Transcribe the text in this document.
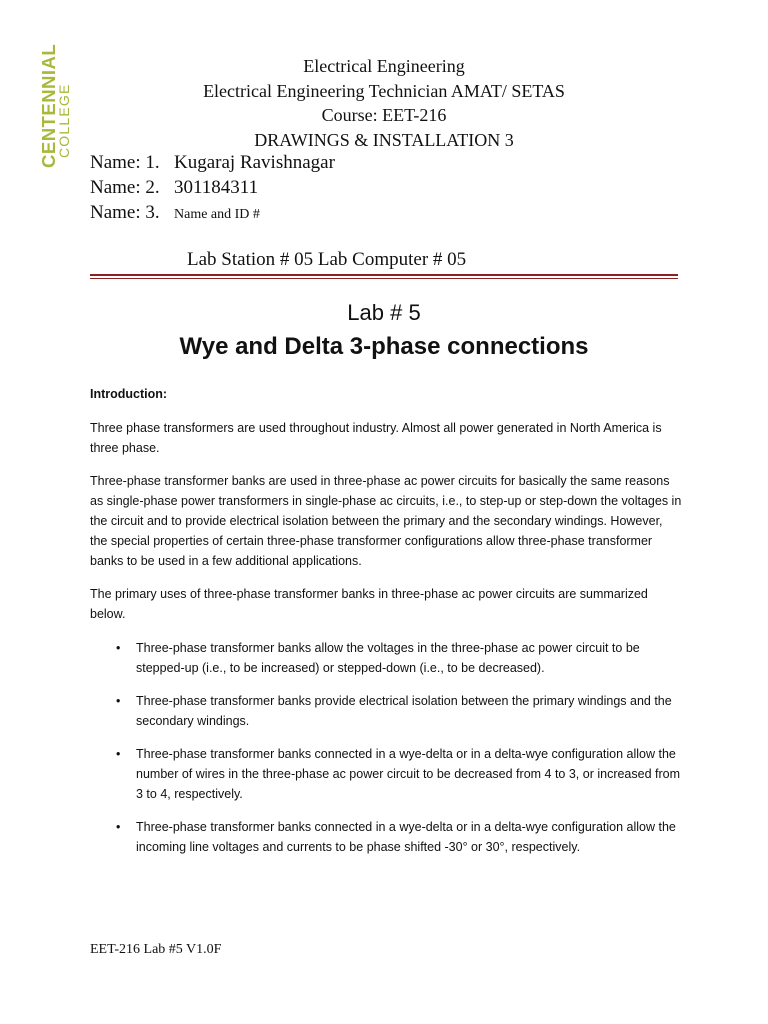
CENTENNIAL
COLLEGE
Electrical Engineering
Electrical Engineering Technician AMAT/ SETAS
Course: EET-216
DRAWINGS & INSTALLATION 3
Name: 1. Kugaraj Ravishnagar
Name: 2. 301184311
Name: 3. Name and ID #
Lab Station # 05 Lab Computer # 05
Lab # 5
Wye and Delta 3-phase connections
Introduction:
Three phase transformers are used throughout industry. Almost all power generated in North America is three phase.
Three-phase transformer banks are used in three-phase ac power circuits for basically the same reasons as single-phase power transformers in single-phase ac circuits, i.e., to step-up or step-down the voltages in the circuit and to provide electrical isolation between the primary and the secondary windings. However, the special properties of certain three-phase transformer configurations allow three-phase transformer banks to be used in a few additional applications.
The primary uses of three-phase transformer banks in three-phase ac power circuits are summarized below.
• Three-phase transformer banks allow the voltages in the three-phase ac power circuit to be stepped-up (i.e., to be increased) or stepped-down (i.e., to be decreased).
• Three-phase transformer banks provide electrical isolation between the primary windings and the secondary windings.
• Three-phase transformer banks connected in a wye-delta or in a delta-wye configuration allow the number of wires in the three-phase ac power circuit to be decreased from 4 to 3, or increased from 3 to 4, respectively.
• Three-phase transformer banks connected in a wye-delta or in a delta-wye configuration allow the incoming line voltages and currents to be phase shifted -30° or 30°, respectively.
EET-216 Lab #5 V1.0F
